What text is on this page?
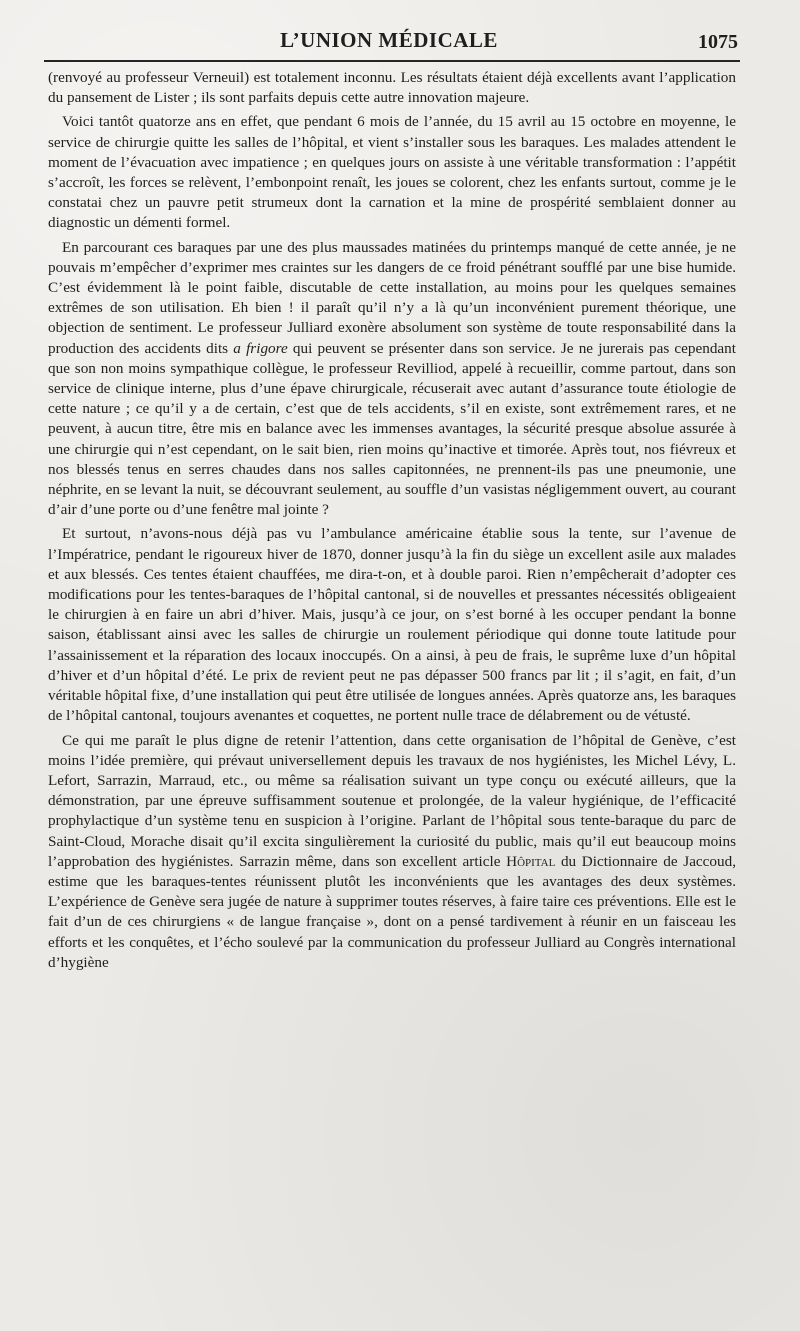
L’UNION MÉDICALE	1075

(renvoyé au professeur Verneuil) est totalement inconnu. Les résultats étaient déjà excellents avant l’application du pansement de Lister ; ils sont parfaits depuis cette autre innovation majeure.

Voici tantôt quatorze ans en effet, que pendant 6 mois de l’année, du 15 avril au 15 octobre en moyenne, le service de chirurgie quitte les salles de l’hôpital, et vient s’installer sous les baraques. Les malades attendent le moment de l’évacuation avec impatience ; en quelques jours on assiste à une véritable transformation : l’appétit s’accroît, les forces se relèvent, l’embonpoint renaît, les joues se colorent, chez les enfants surtout, comme je le constatai chez un pauvre petit strumeux dont la carnation et la mine de prospérité semblaient donner au diagnostic un démenti formel.

En parcourant ces baraques par une des plus maussades matinées du printemps manqué de cette année, je ne pouvais m’empêcher d’exprimer mes craintes sur les dangers de ce froid pénétrant soufflé par une bise humide. C’est évidemment là le point faible, discutable de cette installation, au moins pour les quelques semaines extrêmes de son utilisation. Eh bien ! il paraît qu’il n’y a là qu’un inconvénient purement théorique, une objection de sentiment. Le professeur Julliard exonère absolument son système de toute responsabilité dans la production des accidents dits a frigore qui peuvent se présenter dans son service. Je ne jurerais pas cependant que son non moins sympathique collègue, le professeur Revilliod, appelé à recueillir, comme partout, dans son service de clinique interne, plus d’une épave chirurgicale, récuserait avec autant d’assurance toute étiologie de cette nature ; ce qu’il y a de certain, c’est que de tels accidents, s’il en existe, sont extrêmement rares, et ne peuvent, à aucun titre, être mis en balance avec les immenses avantages, la sécurité presque absolue assurée à une chirurgie qui n’est cependant, on le sait bien, rien moins qu’inactive et timorée. Après tout, nos fiévreux et nos blessés tenus en serres chaudes dans nos salles capitonnées, ne prennent-ils pas une pneumonie, une néphrite, en se levant la nuit, se découvrant seulement, au souffle d’un vasistas négligemment ouvert, au courant d’air d’une porte ou d’une fenêtre mal jointe ?

Et surtout, n’avons-nous déjà pas vu l’ambulance américaine établie sous la tente, sur l’avenue de l’Impératrice, pendant le rigoureux hiver de 1870, donner jusqu’à la fin du siège un excellent asile aux malades et aux blessés. Ces tentes étaient chauffées, me dira-t-on, et à double paroi. Rien n’empêcherait d’adopter ces modifications pour les tentes-baraques de l’hôpital cantonal, si de nouvelles et pressantes nécessités obligeaient le chirurgien à en faire un abri d’hiver. Mais, jusqu’à ce jour, on s’est borné à les occuper pendant la bonne saison, établissant ainsi avec les salles de chirurgie un roulement périodique qui donne toute latitude pour l’assainissement et la réparation des locaux inoccupés. On a ainsi, à peu de frais, le suprême luxe d’un hôpital d’hiver et d’un hôpital d’été. Le prix de revient peut ne pas dépasser 500 francs par lit ; il s’agit, en fait, d’un véritable hôpital fixe, d’une installation qui peut être utilisée de longues années. Après quatorze ans, les baraques de l’hôpital cantonal, toujours avenantes et coquettes, ne portent nulle trace de délabrement ou de vétusté.

Ce qui me paraît le plus digne de retenir l’attention, dans cette organisation de l’hôpital de Genève, c’est moins l’idée première, qui prévaut universellement depuis les travaux de nos hygiénistes, les Michel Lévy, L. Lefort, Sarrazin, Marraud, etc., ou même sa réalisation suivant un type conçu ou exécuté ailleurs, que la démonstration, par une épreuve suffisamment soutenue et prolongée, de la valeur hygiénique, de l’efficacité prophylactique d’un système tenu en suspicion à l’origine. Parlant de l’hôpital sous tente-baraque du parc de Saint-Cloud, Morache disait qu’il excita singulièrement la curiosité du public, mais qu’il eut beaucoup moins l’approbation des hygiénistes. Sarrazin même, dans son excellent article Hôpital du Dictionnaire de Jaccoud, estime que les baraques-tentes réunissent plutôt les inconvénients que les avantages des deux systèmes. L’expérience de Genève sera jugée de nature à supprimer toutes réserves, à faire taire ces préventions. Elle est le fait d’un de ces chirurgiens « de langue française », dont on a pensé tardivement à réunir en un faisceau les efforts et les conquêtes, et l’écho soulevé par la communication du professeur Julliard au Congrès international d’hygiène
